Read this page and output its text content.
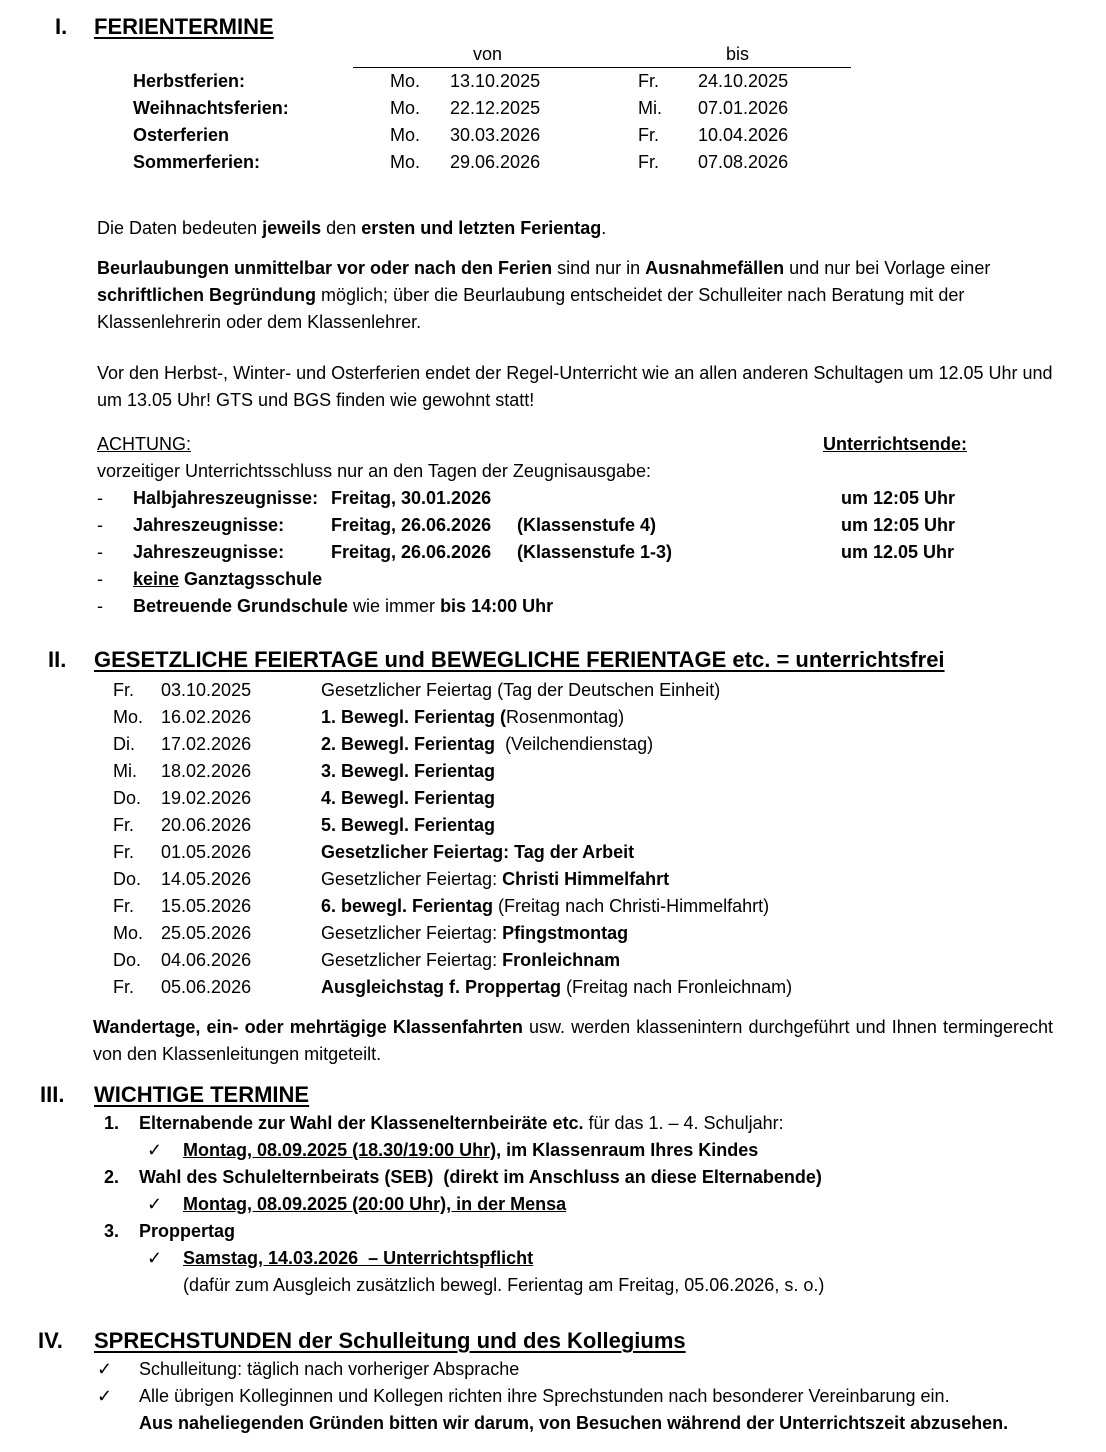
I. FERIENTERMINE
von	bis
Herbstferien:	Mo. 13.10.2025	Fr. 24.10.2025
Weihnachtsferien:	Mo. 22.12.2025	Mi. 07.01.2026
Osterferien	Mo. 30.03.2026	Fr. 10.04.2026
Sommerferien:	Mo. 29.06.2026	Fr. 07.08.2026
Die Daten bedeuten jeweils den ersten und letzten Ferientag.
Beurlaubungen unmittelbar vor oder nach den Ferien sind nur in Ausnahmefällen und nur bei Vorlage einer schriftlichen Begründung möglich; über die Beurlaubung entscheidet der Schulleiter nach Beratung mit der Klassenlehrerin oder dem Klassenlehrer.
Vor den Herbst-, Winter- und Osterferien endet der Regel-Unterricht wie an allen anderen Schultagen um 12.05 Uhr und um 13.05 Uhr! GTS und BGS finden wie gewohnt statt!
ACHTUNG:	Unterrichtsende:
vorzeitiger Unterrichtsschluss nur an den Tagen der Zeugnisausgabe:
- Halbjahreszeugnisse: Freitag, 30.01.2026	um 12:05 Uhr
- Jahreszeugnisse:	Freitag, 26.06.2026 (Klassenstufe 4)	um 12:05 Uhr
- Jahreszeugnisse:	Freitag, 26.06.2026 (Klassenstufe 1-3)	um 12.05 Uhr
- keine Ganztagsschule
- Betreuende Grundschule wie immer bis 14:00 Uhr
II. GESETZLICHE FEIERTAGE und BEWEGLICHE FERIENTAGE etc. = unterrichtsfrei
Fr. 03.10.2025	Gesetzlicher Feiertag (Tag der Deutschen Einheit)
Mo. 16.02.2026	1. Bewegl. Ferientag (Rosenmontag)
Di. 17.02.2026	2. Bewegl. Ferientag  (Veilchendienstag)
Mi. 18.02.2026	3. Bewegl. Ferientag
Do. 19.02.2026	4. Bewegl. Ferientag
Fr. 20.06.2026	5. Bewegl. Ferientag
Fr. 01.05.2026	Gesetzlicher Feiertag: Tag der Arbeit
Do. 14.05.2026	Gesetzlicher Feiertag: Christi Himmelfahrt
Fr. 15.05.2026	6. bewegl. Ferientag (Freitag nach Christi-Himmelfahrt)
Mo. 25.05.2026	Gesetzlicher Feiertag: Pfingstmontag
Do. 04.06.2026	Gesetzlicher Feiertag: Fronleichnam
Fr. 05.06.2026	Ausgleichstag f. Proppertag (Freitag nach Fronleichnam)
Wandertage, ein- oder mehrtägige Klassenfahrten usw. werden klassenintern durchgeführt und Ihnen termingerecht von den Klassenleitungen mitgeteilt.
III. WICHTIGE TERMINE
1. Elternabende zur Wahl der Klassenelternbeiräte etc. für das 1. – 4. Schuljahr:
✓ Montag, 08.09.2025 (18.30/19:00 Uhr), im Klassenraum Ihres Kindes
2. Wahl des Schulelternbeirats (SEB)  (direkt im Anschluss an diese Elternabende)
✓ Montag, 08.09.2025 (20:00 Uhr), in der Mensa
3. Proppertag
✓ Samstag, 14.03.2026  – Unterrichtspflicht
(dafür zum Ausgleich zusätzlich bewegl. Ferientag am Freitag, 05.06.2026, s. o.)
IV. SPRECHSTUNDEN der Schulleitung und des Kollegiums
✓ Schulleitung: täglich nach vorheriger Absprache
✓ Alle übrigen Kolleginnen und Kollegen richten ihre Sprechstunden nach besonderer Vereinbarung ein.
Aus naheliegenden Gründen bitten wir darum, von Besuchen während der Unterrichtszeit abzusehen.
